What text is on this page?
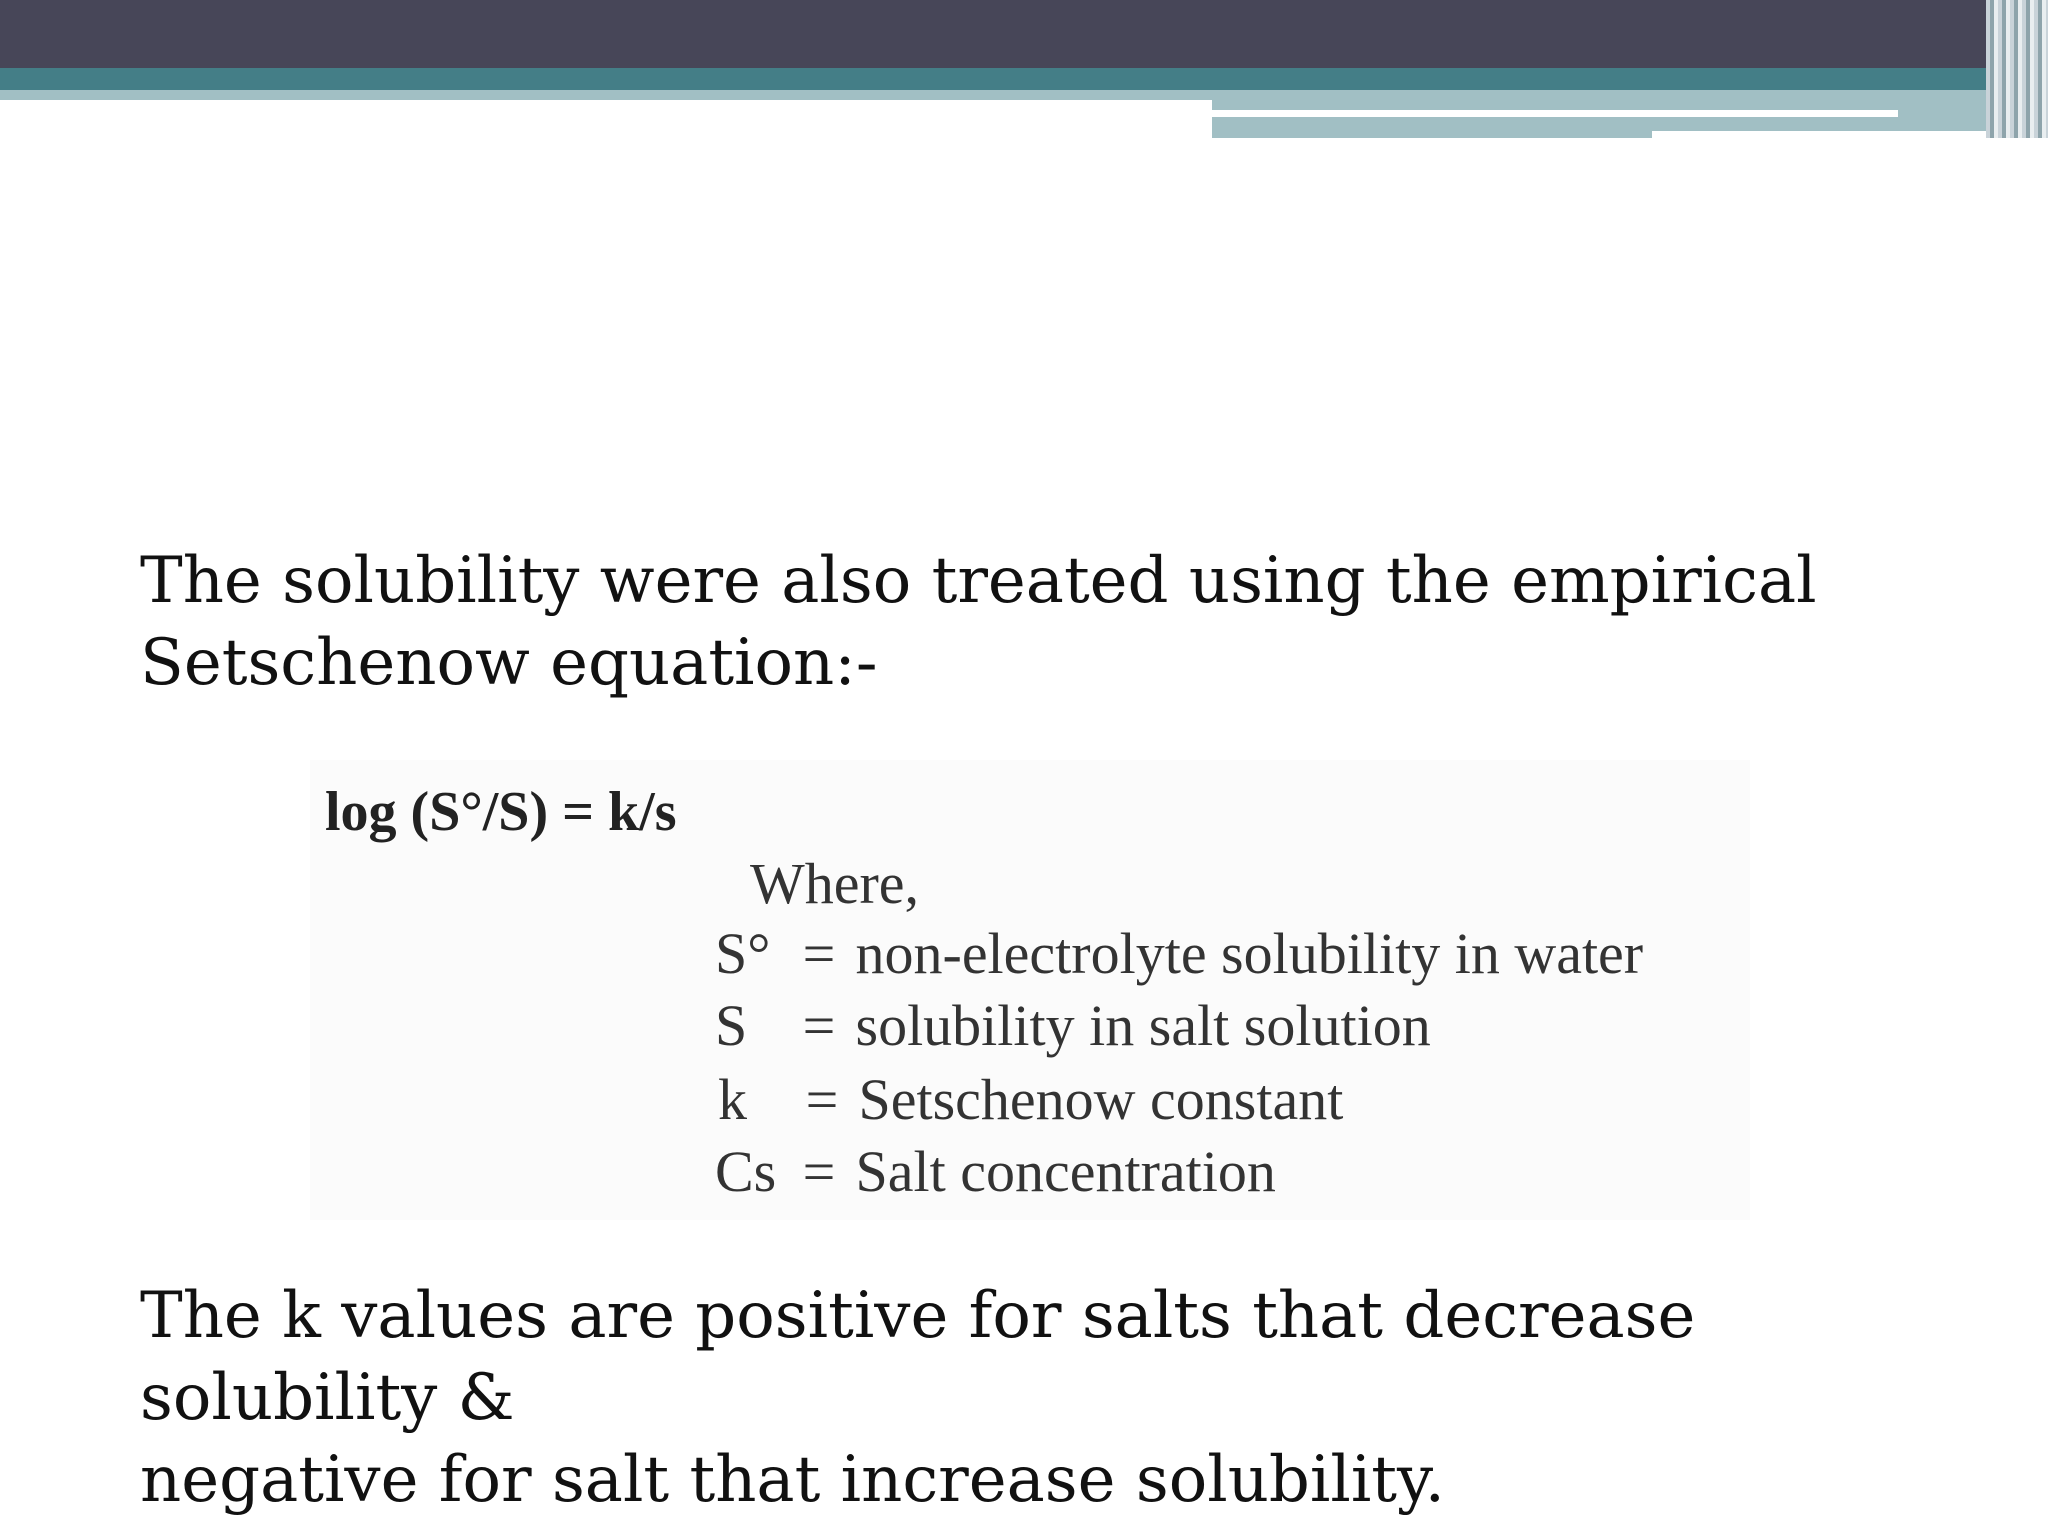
The solubility were also treated using the empirical
Setschenow equation:-

log (S°/S) = k/s
Where,
S° = non-electrolyte solubility in water
S = solubility in salt solution
k = Setschenow constant
Cs = Salt concentration

The k values are positive for salts that decrease solubility &
negative for salt that increase solubility.
